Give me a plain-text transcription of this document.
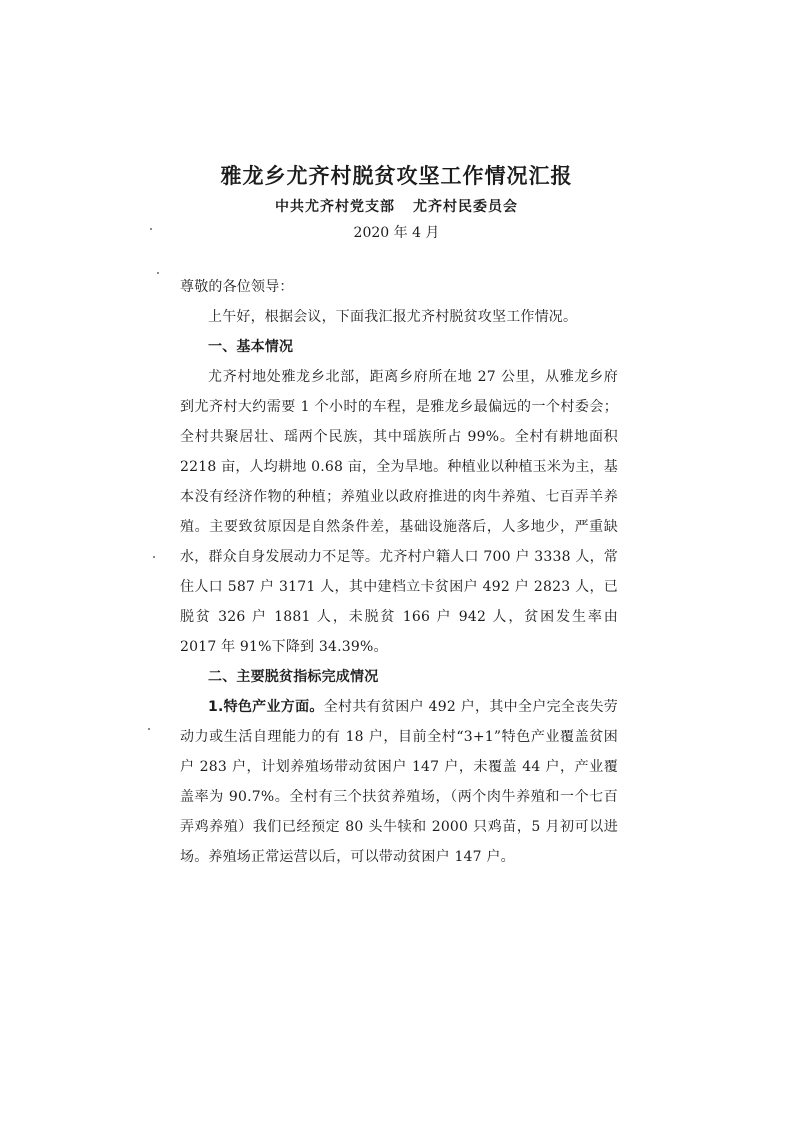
雅龙乡尤齐村脱贫攻坚工作情况汇报
中共尤齐村党支部 尤齐村民委员会
2020 年 4 月

尊敬的各位领导：

上午好，根据会议，下面我汇报尤齐村脱贫攻坚工作情况。

一、基本情况

尤齐村地处雅龙乡北部，距离乡府所在地 27 公里，从雅龙乡府到尤齐村大约需要 1 个小时的车程，是雅龙乡最偏远的一个村委会；全村共聚居壮、瑶两个民族，其中瑶族所占 99%。全村有耕地面积 2218 亩，人均耕地 0.68 亩，全为旱地。种植业以种植玉米为主，基本没有经济作物的种植；养殖业以政府推进的肉牛养殖、七百弄羊养殖。主要致贫原因是自然条件差，基础设施落后，人多地少，严重缺水，群众自身发展动力不足等。尤齐村户籍人口 700 户 3338 人，常住人口 587 户 3171 人，其中建档立卡贫困户 492 户 2823 人，已脱贫 326 户 1881 人，未脱贫 166 户 942 人，贫困发生率由 2017 年 91%下降到 34.39%。

二、主要脱贫指标完成情况

1.特色产业方面。全村共有贫困户 492 户，其中全户完全丧失劳动力或生活自理能力的有 18 户，目前全村“3+1”特色产业覆盖贫困户 283 户，计划养殖场带动贫困户 147 户，未覆盖 44 户，产业覆盖率为 90.7%。全村有三个扶贫养殖场，（两个肉牛养殖和一个七百弄鸡养殖）我们已经预定 80 头牛犊和 2000 只鸡苗，5 月初可以进场。养殖场正常运营以后，可以带动贫困户 147 户。
